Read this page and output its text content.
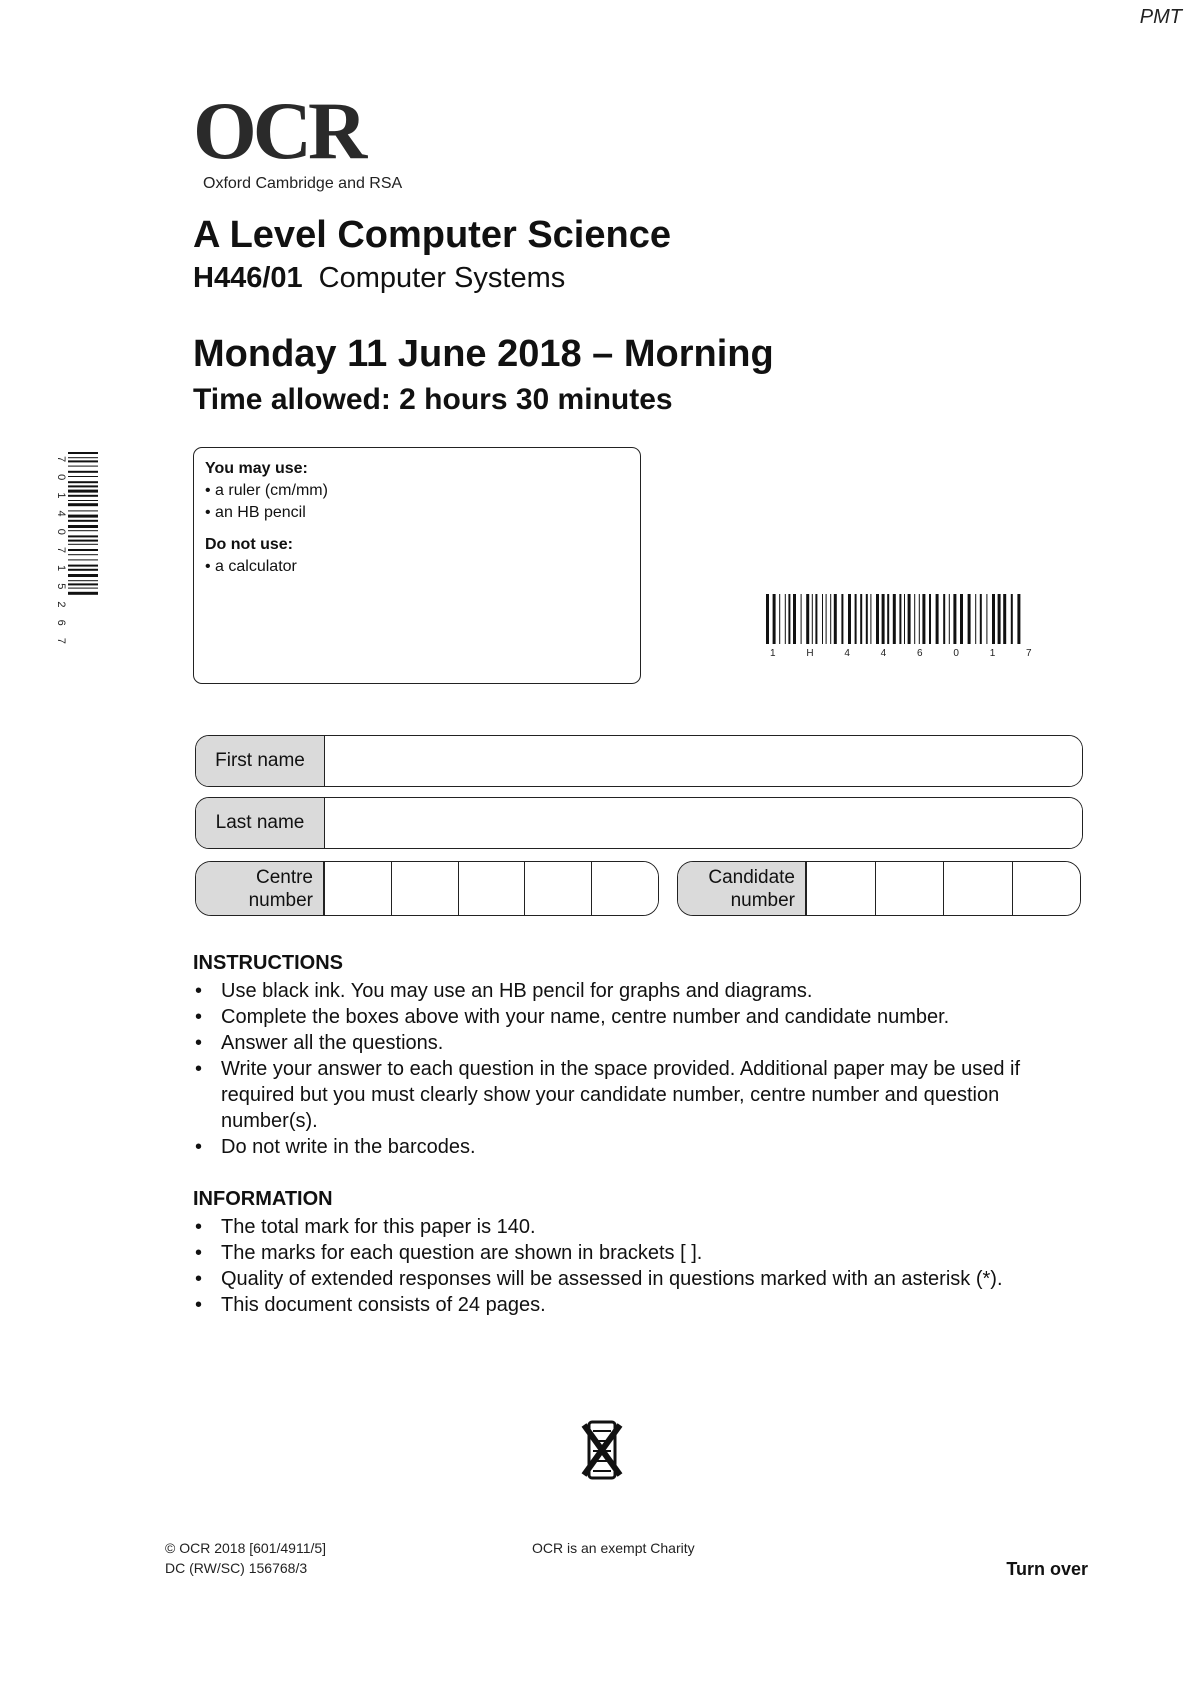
PMT
OCR
Oxford Cambridge and RSA
A Level Computer Science
H446/01 Computer Systems
Monday 11 June 2018 – Morning
Time allowed: 2 hours 30 minutes
7 0 1 4 0 7 1 5 2 6 7	You may use:
• a ruler (cm/mm)
• an HB pencil
Do not use:
• a calculator
1 H 4 4 6 0 1 7
First name
Last name
Centre
number
Candidate
number
INSTRUCTIONS
• Use black ink. You may use an HB pencil for graphs and diagrams.
• Complete the boxes above with your name, centre number and candidate number.
• Answer all the questions.
• Write your answer to each question in the space provided. Additional paper may be used if required but you must clearly show your candidate number, centre number and question number(s).
• Do not write in the barcodes.
INFORMATION
• The total mark for this paper is 140.
• The marks for each question are shown in brackets [ ].
• Quality of extended responses will be assessed in questions marked with an asterisk (*).
• This document consists of 24 pages.
© OCR 2018 [601/4911/5]
DC (RW/SC) 156768/3
OCR is an exempt Charity
Turn over
